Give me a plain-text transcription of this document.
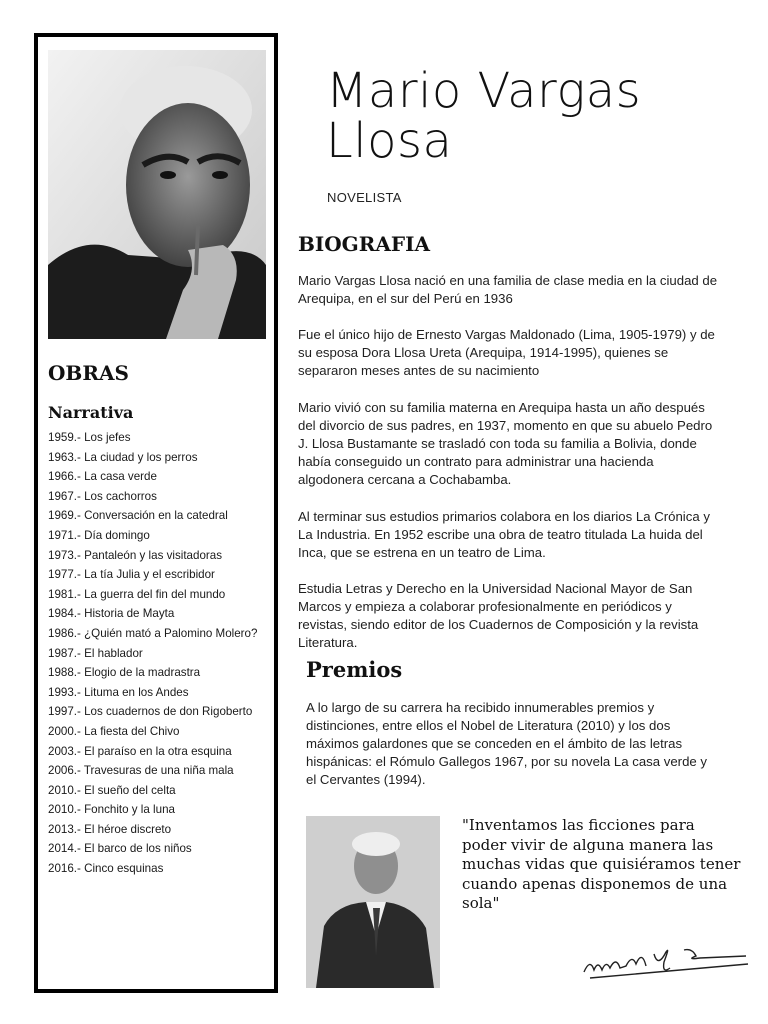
OBRAS
Narrativa
1959.- Los jefes
1963.- La ciudad y los perros
1966.- La casa verde
1967.- Los cachorros
1969.- Conversación en la catedral
1971.- Día domingo
1973.- Pantaleón y las visitadoras
1977.- La tía Julia y el escribidor
1981.- La guerra del fin del mundo
1984.- Historia de Mayta
1986.- ¿Quién mató a Palomino Molero?
1987.- El hablador
1988.- Elogio de la madrastra
1993.- Lituma en los Andes
1997.- Los cuadernos de don Rigoberto
2000.- La fiesta del Chivo
2003.- El paraíso en la otra esquina
2006.- Travesuras de una niña mala
2010.- El sueño del celta
2010.- Fonchito y la luna
2013.- El héroe discreto
2014.- El barco de los niños
2016.- Cinco esquinas
Mario Vargas Llosa
NOVELISTA
BIOGRAFIA

Mario Vargas Llosa nació en una familia de clase media en la ciudad de Arequipa, en el sur del Perú en 1936

Fue el único hijo de Ernesto Vargas Maldonado (Lima, 1905-1979) y de su esposa Dora Llosa Ureta (Arequipa, 1914-1995), quienes se separaron meses antes de su nacimiento

Mario vivió con su familia materna en Arequipa hasta un año después del divorcio de sus padres, en 1937, momento en que su abuelo Pedro J. Llosa Bustamante se trasladó con toda su familia a Bolivia, donde había conseguido un contrato para administrar una hacienda algodonera cercana a Cochabamba.

Al terminar sus estudios primarios colabora en los diarios La Crónica y La Industria. En 1952 escribe una obra de teatro titulada La huida del Inca, que se estrena en un teatro de Lima.

Estudia Letras y Derecho en la Universidad Nacional Mayor de San Marcos y empieza a colaborar profesionalmente en periódicos y revistas, siendo editor de los Cuadernos de Composición y la revista Literatura.

Premios

A lo largo de su carrera ha recibido innumerables premios y distinciones, entre ellos el Nobel de Literatura (2010) y los dos máximos galardones que se conceden en el ámbito de las letras hispánicas: el Rómulo Gallegos 1967, por su novela La casa verde y el Cervantes (1994).

"Inventamos las ficciones para poder vivir de alguna manera las muchas vidas que quisiéramos tener cuando apenas disponemos de una sola"
